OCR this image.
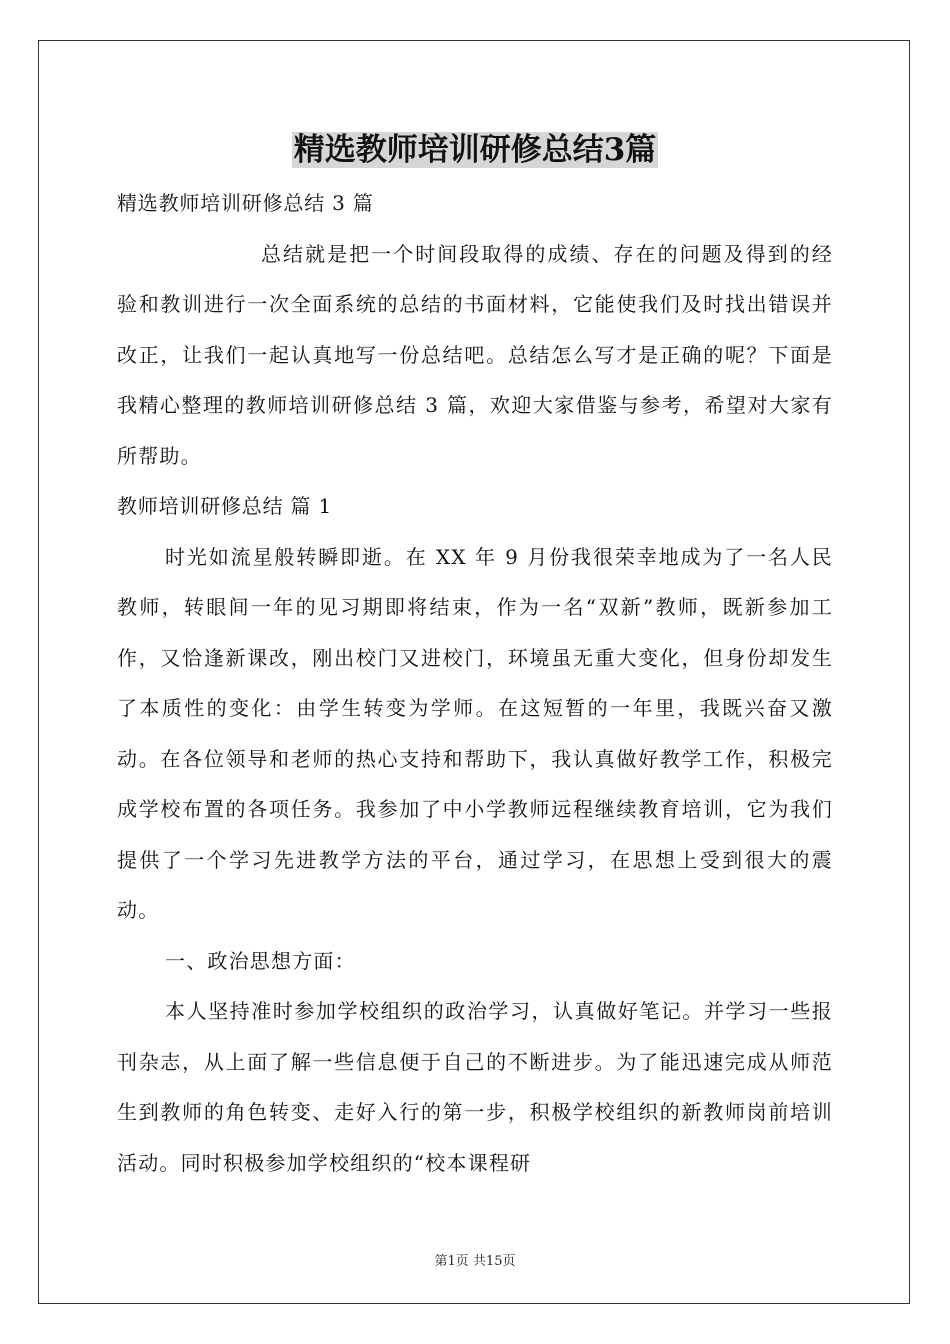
精选教师培训研修总结3篇

精选教师培训研修总结 3 篇

总结就是把一个时间段取得的成绩、存在的问题及得到的经验和教训进行一次全面系统的总结的书面材料，它能使我们及时找出错误并改正，让我们一起认真地写一份总结吧。总结怎么写才是正确的呢？下面是我精心整理的教师培训研修总结 3 篇，欢迎大家借鉴与参考，希望对大家有所帮助。

教师培训研修总结 篇 1

时光如流星般转瞬即逝。在 XX 年 9 月份我很荣幸地成为了一名人民教师，转眼间一年的见习期即将结束，作为一名“双新”教师，既新参加工作，又恰逢新课改，刚出校门又进校门，环境虽无重大变化，但身份却发生了本质性的变化：由学生转变为学师。在这短暂的一年里，我既兴奋又激动。在各位领导和老师的热心支持和帮助下，我认真做好教学工作，积极完成学校布置的各项任务。我参加了中小学教师远程继续教育培训，它为我们提供了一个学习先进教学方法的平台，通过学习，在思想上受到很大的震动。

一、政治思想方面：

本人坚持准时参加学校组织的政治学习，认真做好笔记。并学习一些报刊杂志，从上面了解一些信息便于自己的不断进步。为了能迅速完成从师范生到教师的角色转变、走好入行的第一步，积极学校组织的新教师岗前培训活动。同时积极参加学校组织的“校本课程研

第1页 共15页
